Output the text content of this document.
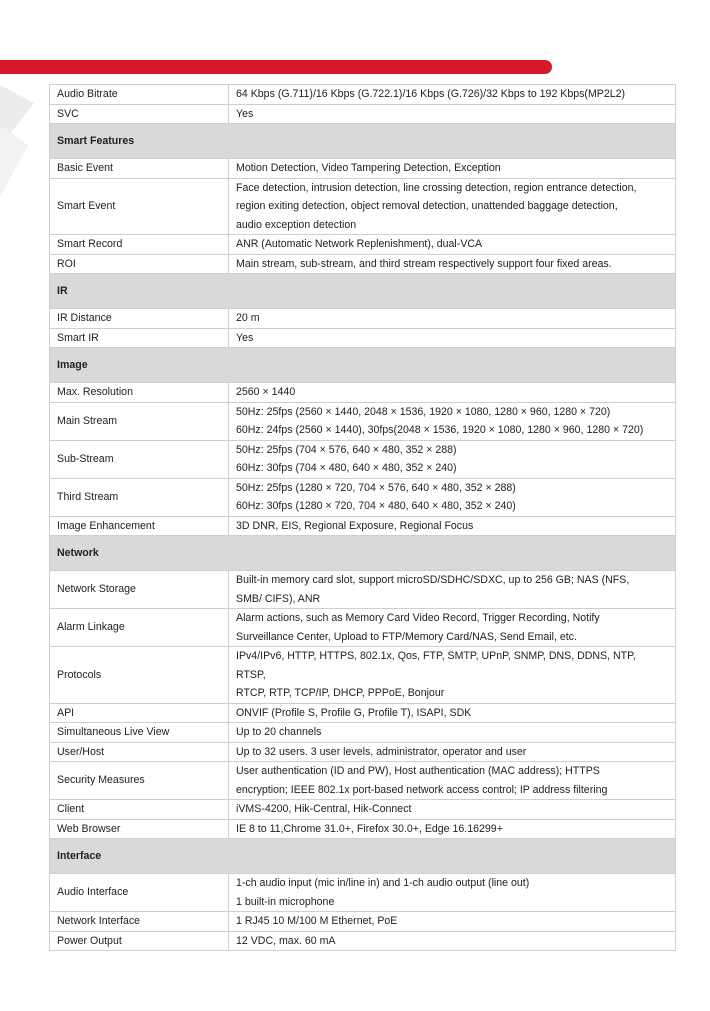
Audio Bitrate	64 Kbps (G.711)/16 Kbps (G.722.1)/16 Kbps (G.726)/32 Kbps to 192 Kbps(MP2L2)

SVC	Yes

Smart Features	
Basic Event	Motion Detection, Video Tampering Detection, Exception

Smart Event	Face detection, intrusion detection, line crossing detection, region entrance detection,
region exiting detection, object removal detection, unattended baggage detection,
audio exception detection

Smart Record	ANR (Automatic Network Replenishment), dual-VCA

ROI	Main stream, sub-stream, and third stream respectively support four fixed areas.

IR	
IR Distance	20 m

Smart IR	Yes

Image	
Max. Resolution	2560 × 1440

Main Stream	50Hz: 25fps (2560 × 1440, 2048 × 1536, 1920 × 1080, 1280 × 960, 1280 × 720)
60Hz: 24fps (2560 × 1440), 30fps(2048 × 1536, 1920 × 1080, 1280 × 960, 1280 × 720)

Sub-Stream	50Hz: 25fps (704 × 576, 640 × 480, 352 × 288)
60Hz: 30fps (704 × 480, 640 × 480, 352 × 240)

Third Stream	50Hz: 25fps (1280 × 720, 704 × 576, 640 × 480, 352 × 288)
60Hz: 30fps (1280 × 720, 704 × 480, 640 × 480, 352 × 240)

Image Enhancement	3D DNR, EIS, Regional Exposure, Regional Focus

Network	
Network Storage	Built-in memory card slot, support microSD/SDHC/SDXC, up to 256 GB; NAS (NFS,
SMB/ CIFS), ANR

Alarm Linkage	Alarm actions, such as Memory Card Video Record, Trigger Recording, Notify
Surveillance Center, Upload to FTP/Memory Card/NAS, Send Email, etc.

Protocols	IPv4/IPv6, HTTP, HTTPS, 802.1x, Qos, FTP, SMTP, UPnP, SNMP, DNS, DDNS, NTP, RTSP,
RTCP, RTP, TCP/IP, DHCP, PPPoE, Bonjour

API	ONVIF (Profile S, Profile G, Profile T), ISAPI, SDK

Simultaneous Live View	Up to 20 channels

User/Host	Up to 32 users. 3 user levels, administrator, operator and user

Security Measures	User authentication (ID and PW), Host authentication (MAC address); HTTPS
encryption; IEEE 802.1x port-based network access control; IP address filtering

Client	iVMS-4200, Hik-Central, Hik-Connect

Web Browser	IE 8 to 11,Chrome 31.0+, Firefox 30.0+, Edge 16.16299+

Interface	
Audio Interface	1-ch audio input (mic in/line in) and 1-ch audio output (line out)
1 built-in microphone

Network Interface	1 RJ45 10 M/100 M Ethernet, PoE

Power Output	12 VDC, max. 60 mA
